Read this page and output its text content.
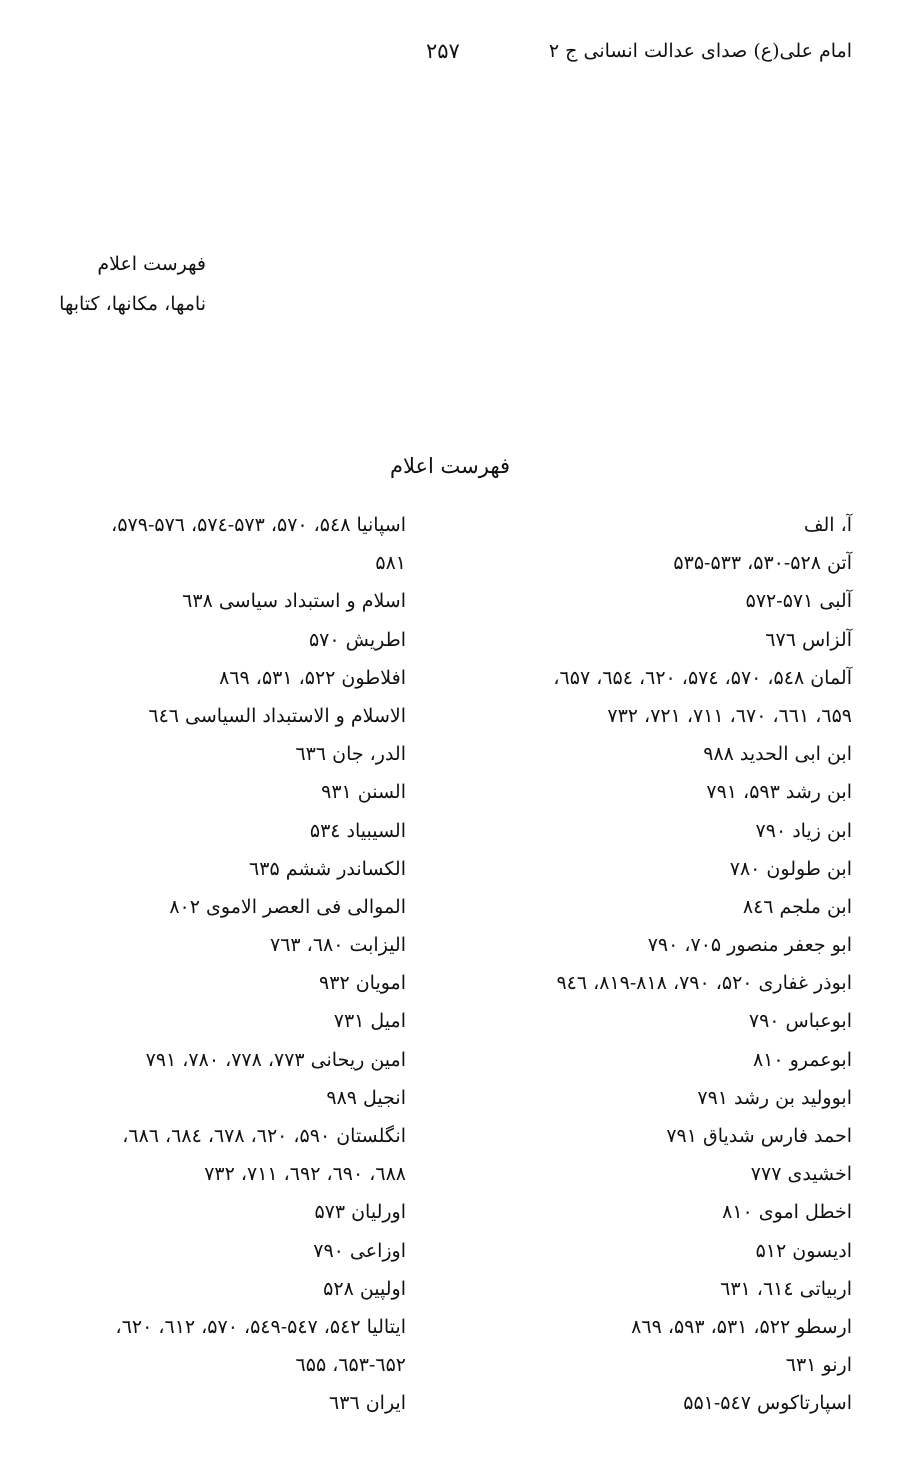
امام علی(ع) صدای عدالت انسانی ج ۲
۲۵۷
فهرست اعلام
نامها، مکانها، کتابها
فهرست اعلام
آ، الف
آتن ۵۲۸-۵۳۰، ۵۳۳-۵۳۵
آلبی ۵۷۱-۵۷۲
آلزاس ٦۷٦
آلمان ۵٤۸، ۵۷۰، ۵۷٤، ٦۲۰، ٦۵٤، ٦۵۷،
٦۵۹، ٦٦۱، ٦۷۰، ۷۱۱، ۷۲۱، ۷۳۲
ابن ابی الحدید ۹۸۸
ابن رشد ۵۹۳، ۷۹۱
ابن زیاد ۷۹۰
ابن طولون ۷۸۰
ابن ملجم ۸٤٦
ابو جعفر منصور ۷۰۵، ۷۹۰
ابوذر غفاری ۵۲۰، ۷۹۰، ۸۱۸-۸۱۹، ۹٤٦
ابوعباس ۷۹۰
ابوعمرو ۸۱۰
ابوولید بن رشد ۷۹۱
احمد فارس شدیاق ۷۹۱
اخشیدی ۷۷۷
اخطل اموی ۸۱۰
ادیسون ۵۱۲
اربیاتی ٦۱٤، ٦۳۱
ارسطو ۵۲۲، ۵۳۱، ۵۹۳، ۸٦۹
ارنو ٦۳۱
اسپارتاکوس ۵٤۷-۵۵۱
اسپانیا ۵٤۸، ۵۷۰، ۵۷۳-۵۷٤، ۵۷٦-۵۷۹،
۵۸۱
اسلام و استبداد سیاسی ٦۳۸
اطریش ۵۷۰
افلاطون ۵۲۲، ۵۳۱، ۸٦۹
الاسلام و الاستبداد السیاسی ٦٤٦
الدر، جان ٦۳٦
السنن ۹۳۱
السیبیاد ۵۳٤
الکساندر ششم ٦۳۵
الموالی فی العصر الاموی ۸۰۲
الیزابت ٦۸۰، ۷٦۳
امویان ۹۳۲
امیل ۷۳۱
امین ریحانی ۷۷۳، ۷۷۸، ۷۸۰، ۷۹۱
انجیل ۹۸۹
انگلستان ۵۹۰، ٦۲۰، ٦۷۸، ٦۸٤، ٦۸٦،
٦۸۸، ٦۹۰، ٦۹۲، ۷۱۱، ۷۳۲
اورلیان ۵۷۳
اوزاعی ۷۹۰
اولپین ۵۲۸
ایتالیا ۵٤۲، ۵٤۷-۵٤۹، ۵۷۰، ٦۱۲، ٦۲۰،
٦۵۲-٦۵۳، ٦۵۵
ایران ٦۳٦
